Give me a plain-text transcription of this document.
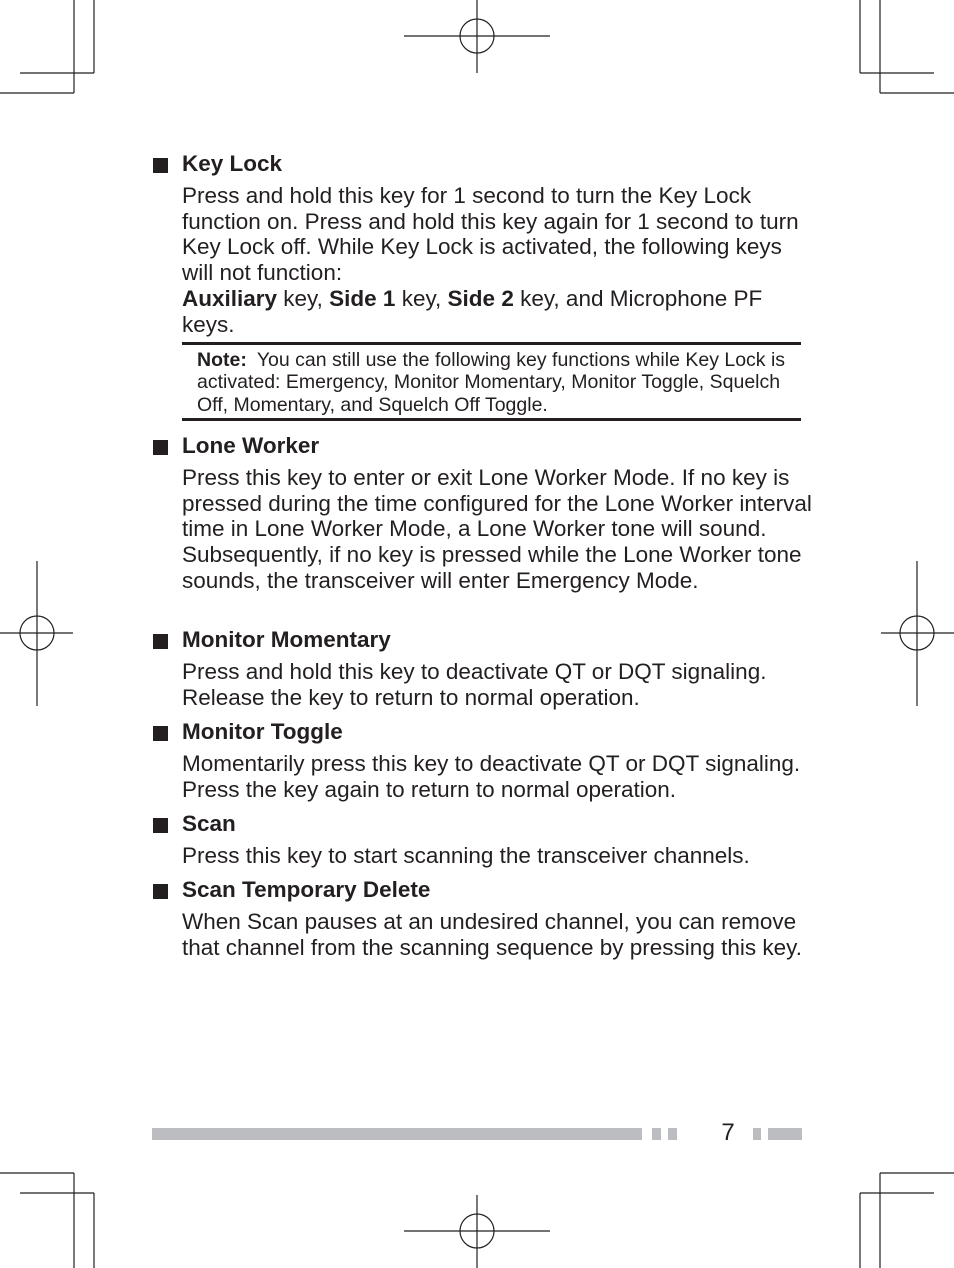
Key Lock

Press and hold this key for 1 second to turn the Key Lock function on. Press and hold this key again for 1 second to turn Key Lock off. While Key Lock is activated, the following keys will not function:

Auxiliary key, Side 1 key, Side 2 key, and Microphone PF keys.

Note: You can still use the following key functions while Key Lock is activated: Emergency, Monitor Momentary, Monitor Toggle, Squelch Off, Momentary, and Squelch Off Toggle.
Lone Worker

Press this key to enter or exit Lone Worker Mode. If no key is pressed during the time configured for the Lone Worker interval time in Lone Worker Mode, a Lone Worker tone will sound. Subsequently, if no key is pressed while the Lone Worker tone sounds, the transceiver will enter Emergency Mode.

Monitor Momentary

Press and hold this key to deactivate QT or DQT signaling. Release the key to return to normal operation.

Monitor Toggle

Momentarily press this key to deactivate QT or DQT signaling. Press the key again to return to normal operation.

Scan

Press this key to start scanning the transceiver channels.

Scan Temporary Delete

When Scan pauses at an undesired channel, you can remove that channel from the scanning sequence by pressing this key.

7
